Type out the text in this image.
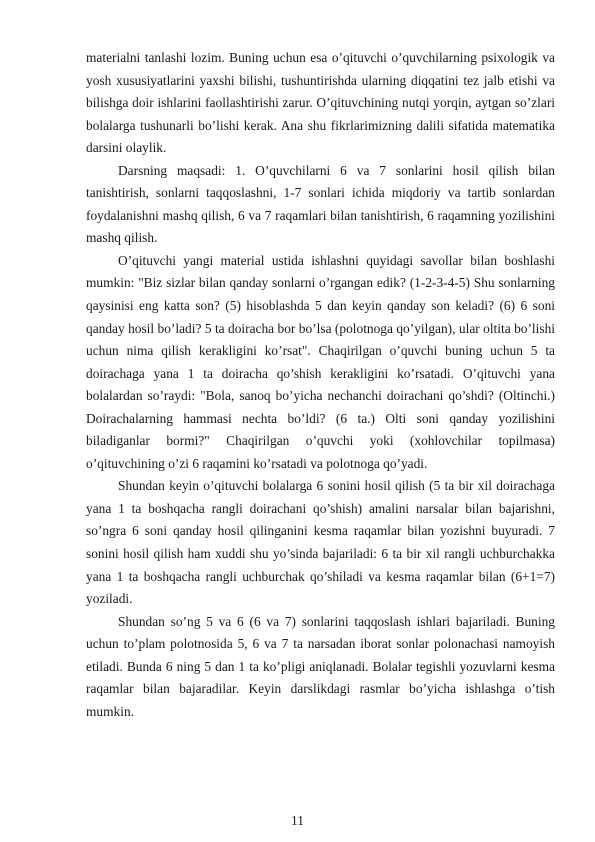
materialni tanlashi lozim. Buning uchun esa o’qituvchi o’quvchilarning psixologik va yosh xususiyatlarini yaxshi bilishi, tushuntirishda ularning diqqatini tez jalb etishi va bilishga doir ishlarini faollashtirishi zarur. O’qituvchining nutqi yorqin, aytgan so’zlari bolalarga tushunarli bo’lishi kerak. Ana shu fikrlarimizning dalili sifatida matematika darsini olaylik.

Darsning maqsadi: 1. O’quvchilarni 6 va 7 sonlarini hosil qilish bilan tanishtirish, sonlarni taqqoslashni, 1-7 sonlari ichida miqdoriy va tartib sonlardan foydalanishni mashq qilish, 6 va 7 raqamlari bilan tanishtirish, 6 raqamning yozilishini mashq qilish.

O’qituvchi yangi material ustida ishlashni quyidagi savollar bilan boshlashi mumkin: "Biz sizlar bilan qanday sonlarni o’rgangan edik? (1-2-3-4-5) Shu sonlarning qaysinisi eng katta son? (5) hisoblashda 5 dan keyin qanday son keladi? (6) 6 soni qanday hosil bo’ladi? 5 ta doiracha bor bo’lsa (polotnoga qo’yilgan), ular oltita bo’lishi uchun nima qilish kerakligini ko’rsat". Chaqirilgan o’quvchi buning uchun 5 ta doirachaga yana 1 ta doiracha qo’shish kerakligini ko’rsatadi. O’qituvchi yana bolalardan so’raydi: "Bola, sanoq bo’yicha nechanchi doirachani qo’shdi? (Oltinchi.) Doirachalarning hammasi nechta bo’ldi? (6 ta.) Olti soni qanday yozilishini biladiganlar bormi?" Chaqirilgan o’quvchi yoki (xohlovchilar topilmasa) o’qituvchining o’zi 6 raqamini ko’rsatadi va polotnoga qo’yadi.

Shundan keyin o’qituvchi bolalarga 6 sonini hosil qilish (5 ta bir xil doirachaga yana 1 ta boshqacha rangli doirachani qo’shish) amalini narsalar bilan bajarishni, so’ngra 6 soni qanday hosil qilinganini kesma raqamlar bilan yozishni buyuradi. 7 sonini hosil qilish ham xuddi shu yo’sinda bajariladi: 6 ta bir xil rangli uchburchakka yana 1 ta boshqacha rangli uchburchak qo’shiladi va kesma raqamlar bilan (6+1=7) yoziladi.

Shundan so’ng 5 va 6 (6 va 7) sonlarini taqqoslash ishlari bajariladi. Buning uchun to’plam polotnosida 5, 6 va 7 ta narsadan iborat sonlar polonachasi namoyish etiladi. Bunda 6 ning 5 dan 1 ta ko’pligi aniqlanadi. Bolalar tegishli yozuvlarni kesma raqamlar bilan bajaradilar. Keyin darslikdagi rasmlar bo’yicha ishlashga o’tish mumkin.

11
